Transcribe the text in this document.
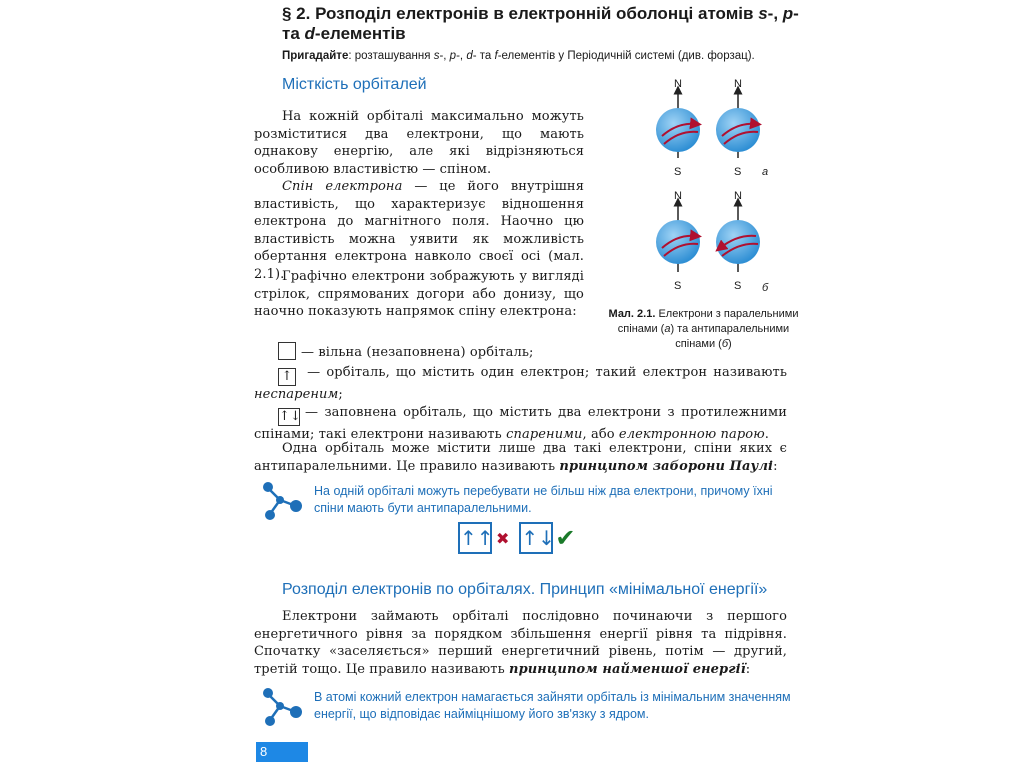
§ 2. Розподіл електронів в електронній оболонці атомів s-, p- та d-елементів
Пригадайте: розташування s-, p-, d- та f-елементів у Періодичній системі (див. форзац).
Місткість орбіталей
На кожній орбіталі максимально можуть розміститися два електрони, що мають однакову енергію, але які відрізняються особливою властивістю — спіном.
Спін електрона — це його внутрішня властивість, що характеризує відношення електрона до магнітного поля. Наочно цю властивість можна уявити як можливість обертання електрона навколо своєї осі (мал. 2.1).
Графічно електрони зображують у вигляді стрілок, спрямованих догори або донизу, що наочно показують напрямок спіну електрона:
— вільна (незаповнена) орбіталь;
↑ — орбіталь, що містить один електрон; такий електрон називають неспареним;
↑↓ — заповнена орбіталь, що містить два електрони з протилежними спінами; такі електрони називають спареними, або електронною парою.
Одна орбіталь може містити лише два такі електрони, спіни яких є антипаралельними. Це правило називають принципом заборони Паулі:
На одній орбіталі можуть перебувати не більш ніж два електрони, причому їхні спіни мають бути антипаралельними.
↑↑ ✖ ↑↓ ✔
N	N
S	S а
N	N
S	S б
Мал. 2.1. Електрони з паралельними спінами (а) та антипаралельними спінами (б)
Розподіл електронів по орбіталях. Принцип «мінімальної енергії»
Електрони займають орбіталі послідовно починаючи з першого енергетичного рівня за порядком збільшення енергії рівня та підрівня. Спочатку «заселяється» перший енергетичний рівень, потім — другий, третій тощо. Це правило називають принципом найменшої енергії:
В атомі кожний електрон намагається зайняти орбіталь із мінімальним значенням енергії, що відповідає найміцнішому його зв'язку з ядром.
8
